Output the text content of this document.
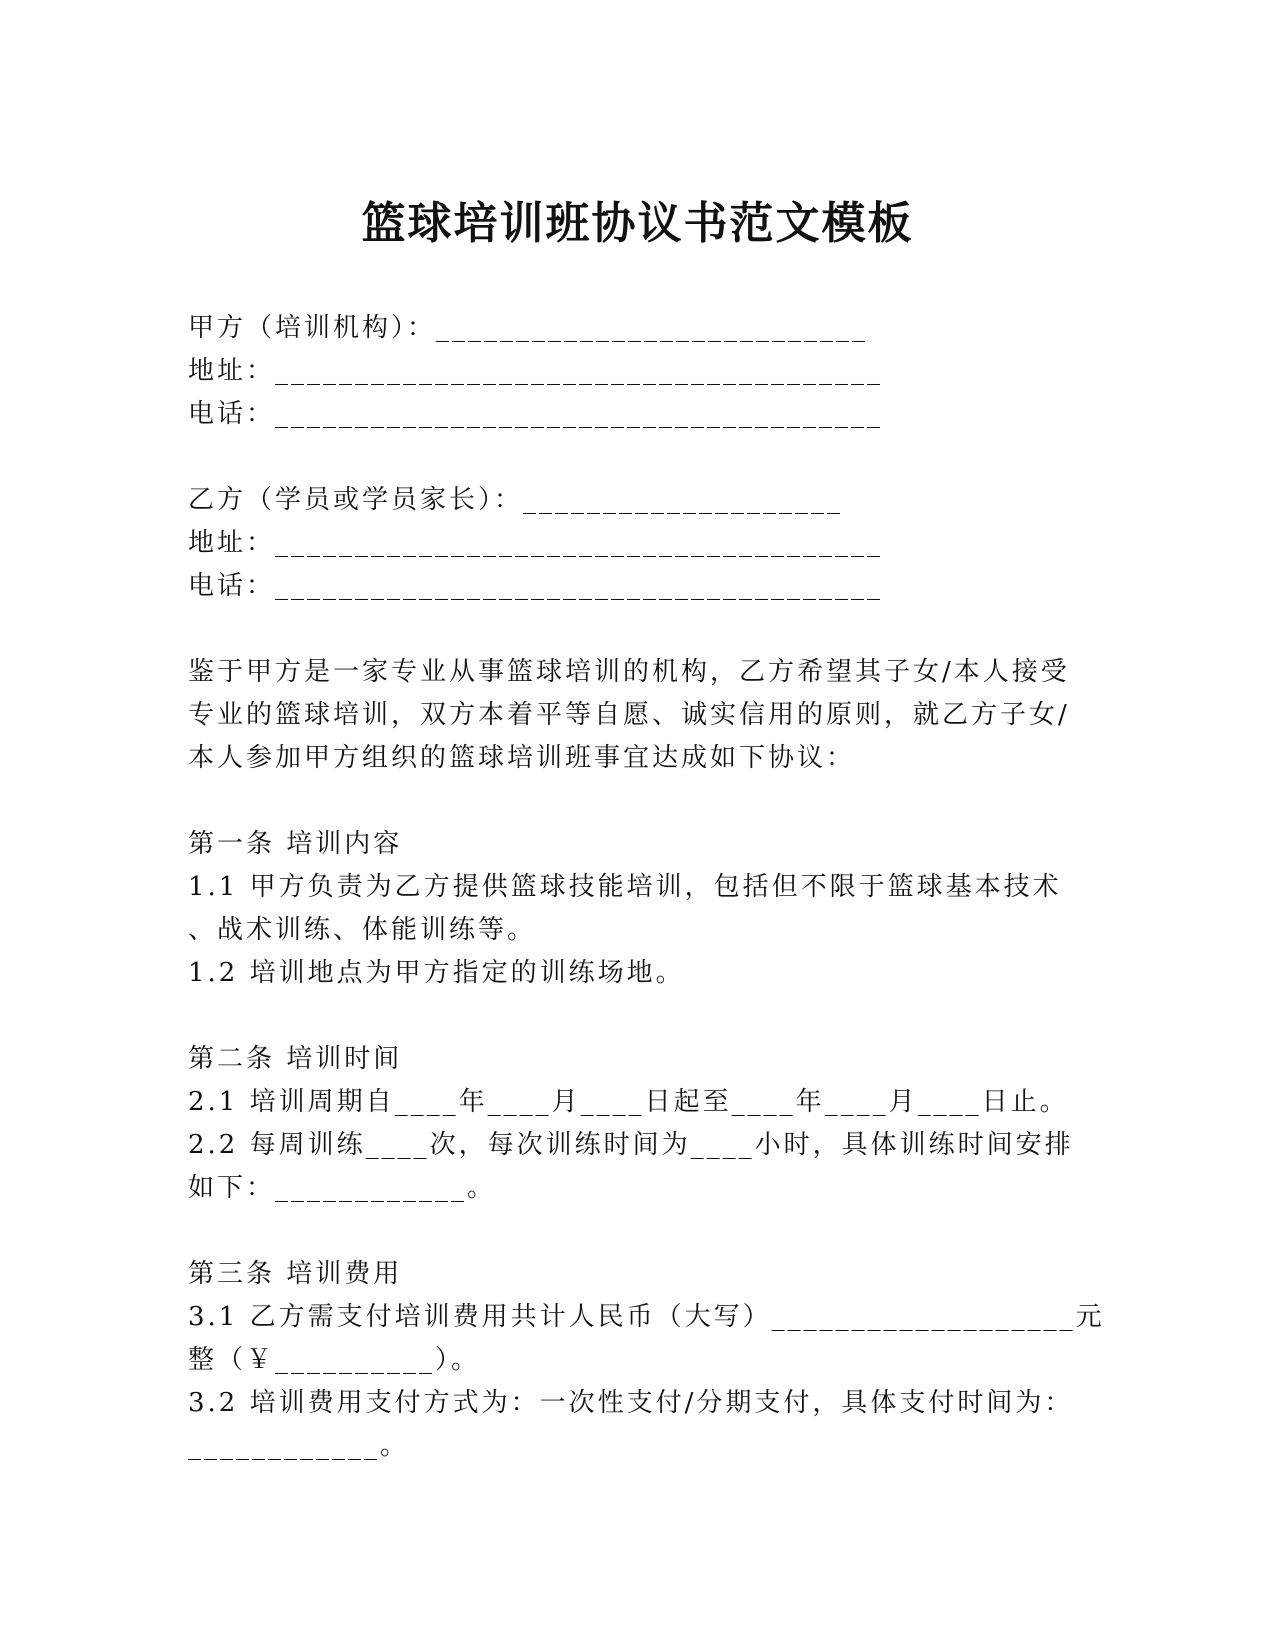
篮球培训班协议书范文模板
甲方（培训机构）：___________________________
地址：______________________________________
电话：______________________________________
乙方（学员或学员家长）：____________________
地址：______________________________________
电话：______________________________________
鉴于甲方是一家专业从事篮球培训的机构，乙方希望其子女/本人接受
专业的篮球培训，双方本着平等自愿、诚实信用的原则，就乙方子女/
本人参加甲方组织的篮球培训班事宜达成如下协议：
第一条 培训内容
1.1 甲方负责为乙方提供篮球技能培训，包括但不限于篮球基本技术
、战术训练、体能训练等。
1.2 培训地点为甲方指定的训练场地。
第二条 培训时间
2.1 培训周期自____年____月____日起至____年____月____日止。
2.2 每周训练____次，每次训练时间为____小时，具体训练时间安排
如下：____________。
第三条 培训费用
3.1 乙方需支付培训费用共计人民币（大写）___________________元
整（￥__________）。
3.2 培训费用支付方式为：一次性支付/分期支付，具体支付时间为：
____________。
